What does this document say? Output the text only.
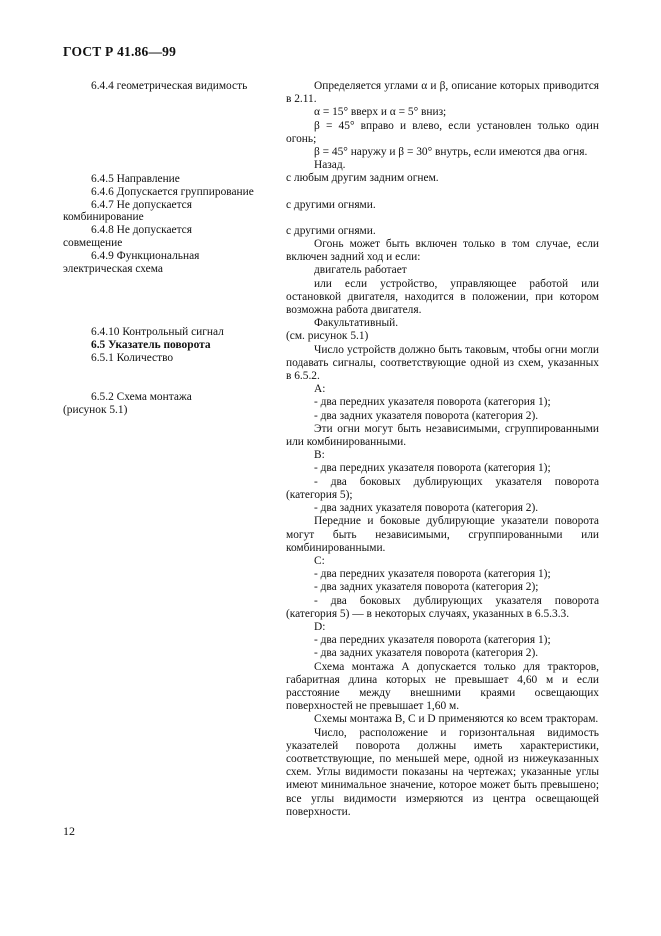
ГОСТ Р 41.86—99

6.4.4 геометрическая видимость

6.4.5 Направление

6.4.6 Допускается группирование

6.4.7 Не допускается

комбинирование

6.4.8 Не допускается

совмещение

6.4.9 Функциональная

электрическая схема

6.4.10 Контрольный сигнал

6.5 Указатель поворота

6.5.1 Количество

6.5.2 Схема монтажа

(рисунок 5.1)

Определяется углами α и β, описание которых приводится в 2.11.

α = 15° вверх и α = 5° вниз;

β = 45° вправо и влево, если установлен только один огонь;

β = 45° наружу и β = 30° внутрь, если имеются два огня.

Назад.

с любым другим задним огнем.

с другими огнями.

с другими огнями.

Огонь может быть включен только в том случае, если включен задний ход и если:

двигатель работает

или если устройство, управляющее работой или остановкой двигателя, находится в положении, при котором возможна работа двигателя.

Факультативный.

(см. рисунок 5.1)

Число устройств должно быть таковым, чтобы огни могли подавать сигналы, соответствующие одной из схем, указанных в 6.5.2.

А:

- два передних указателя поворота (категория 1);

- два задних указателя поворота (категория 2).

Эти огни могут быть независимыми, сгруппированными или комбинированными.

В:

- два передних указателя поворота (категория 1);

- два боковых дублирующих указателя поворота (категория 5);

- два задних указателя поворота (категория 2).

Передние и боковые дублирующие указатели поворота могут быть независимыми, сгруппированными или комбинированными.

С:

- два передних указателя поворота (категория 1);

- два задних указателя поворота (категория 2);

- два боковых дублирующих указателя поворота (категория 5) — в некоторых случаях, указанных в 6.5.3.3.

D:

- два передних указателя поворота (категория 1);

- два задних указателя поворота (категория 2).

Схема монтажа А допускается только для тракторов, габаритная длина которых не превышает 4,60 м и если расстояние между внешними краями освещающих поверхностей не превышает 1,60 м.

Схемы монтажа В, С и D применяются ко всем тракторам.

Число, расположение и горизонтальная видимость указателей поворота должны иметь характеристики, соответствующие, по меньшей мере, одной из нижеуказанных схем. Углы видимости показаны на чертежах; указанные углы имеют минимальное значение, которое может быть превышено; все углы видимости измеряются из центра освещающей поверхности.

12
